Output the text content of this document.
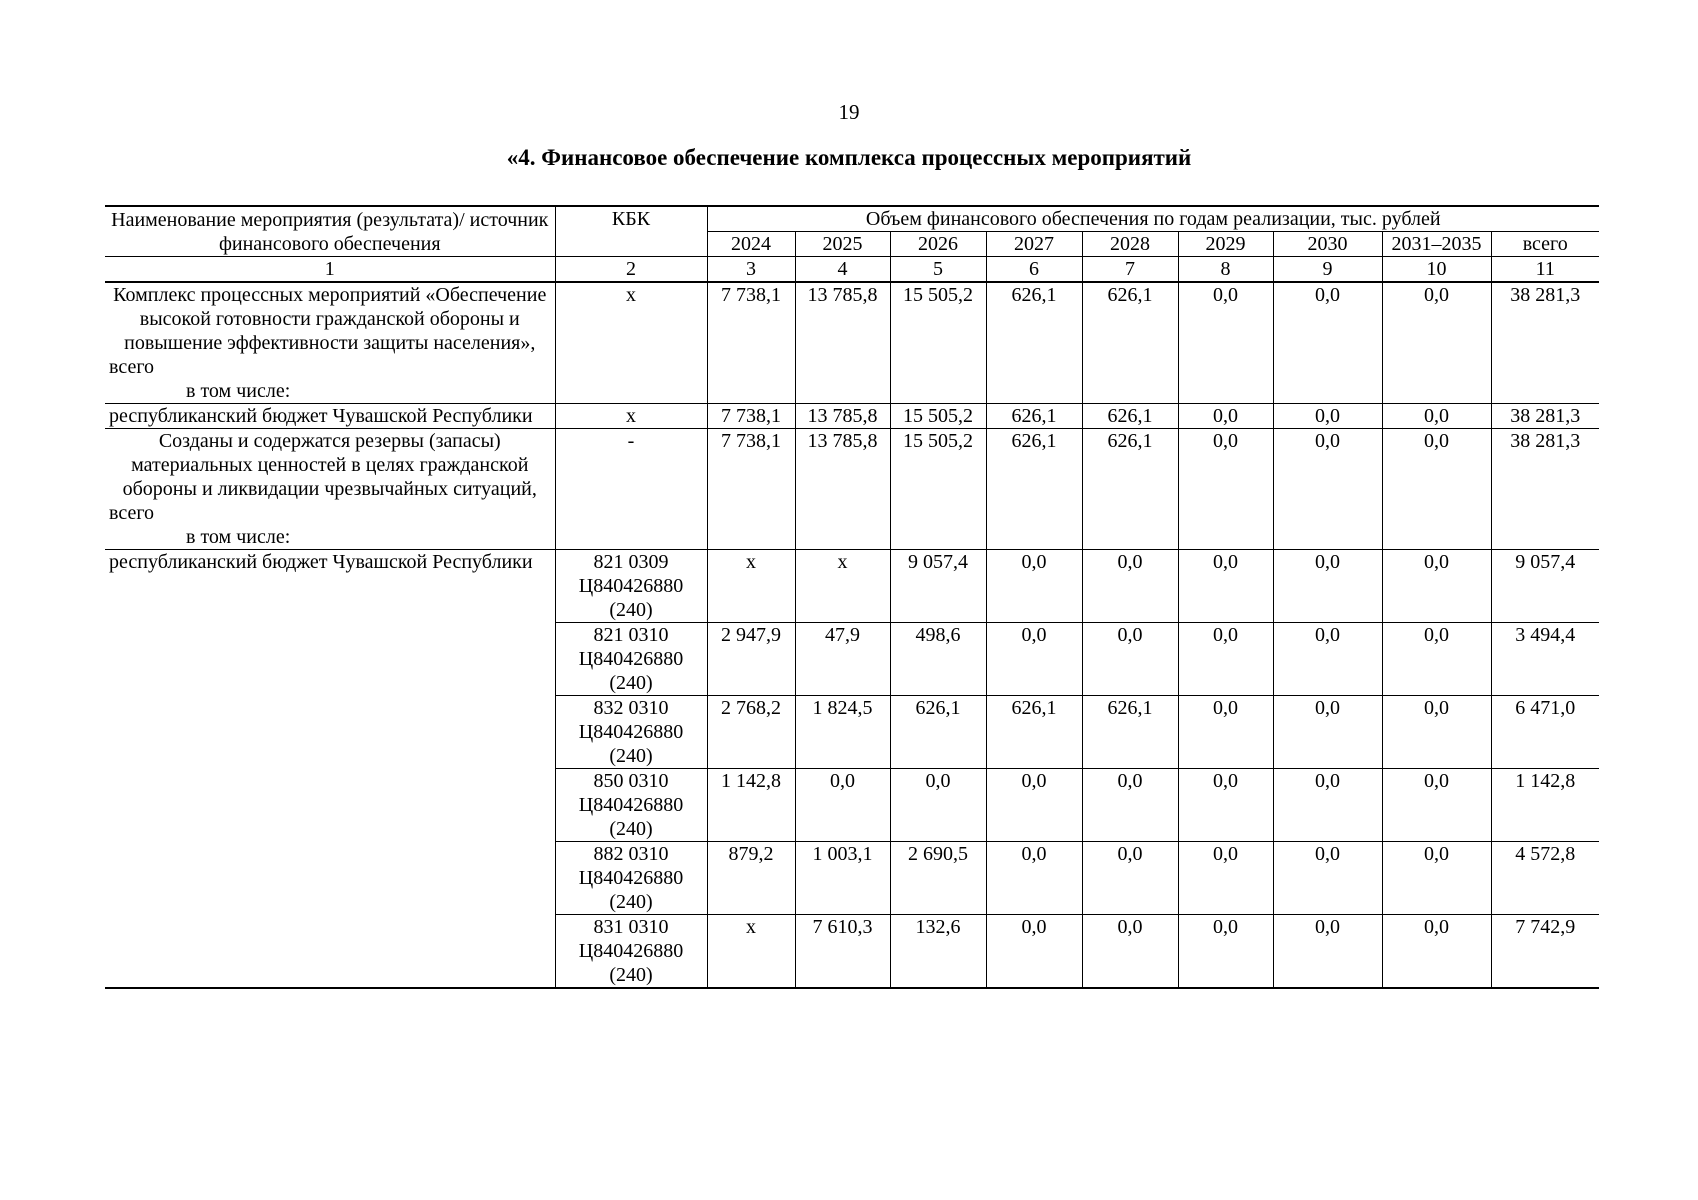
19
«4. Финансовое обеспечение комплекса процессных мероприятий
Наименование мероприятия (результата)/ источник финансового обеспечения	КБК	Объем финансового обеспечения по годам реализации, тыс. рублей								
		2024	2025	2026	2027	2028	2029	2030	2031–2035	всего
1	2	3	4	5	6	7	8	9	10	11

Комплекс процессных мероприятий «Обеспечение высокой готовности гражданской обороны и повышение эффективности защиты населения», всего
в том числе:	x	7 738,1	13 785,8	15 505,2	626,1	626,1	0,0	0,0	0,0	38 281,3

республиканский бюджет Чувашской Республики	x	7 738,1	13 785,8	15 505,2	626,1	626,1	0,0	0,0	0,0	38 281,3

Созданы и содержатся резервы (запасы) материальных ценностей в целях гражданской обороны и ликвидации чрезвычайных ситуаций, всего
в том числе:	-	7 738,1	13 785,8	15 505,2	626,1	626,1	0,0	0,0	0,0	38 281,3

республиканский бюджет Чувашской Республики	821 0309
Ц840426880
(240)	x	x	9 057,4	0,0	0,0	0,0	0,0	0,0	9 057,4

	821 0310
Ц840426880
(240)	2 947,9	47,9	498,6	0,0	0,0	0,0	0,0	0,0	3 494,4

	832 0310
Ц840426880
(240)	2 768,2	1 824,5	626,1	626,1	626,1	0,0	0,0	0,0	6 471,0

	850 0310
Ц840426880
(240)	1 142,8	0,0	0,0	0,0	0,0	0,0	0,0	0,0	1 142,8

	882 0310
Ц840426880
(240)	879,2	1 003,1	2 690,5	0,0	0,0	0,0	0,0	0,0	4 572,8

	831 0310
Ц840426880
(240)	x	7 610,3	132,6	0,0	0,0	0,0	0,0	0,0	7 742,9
